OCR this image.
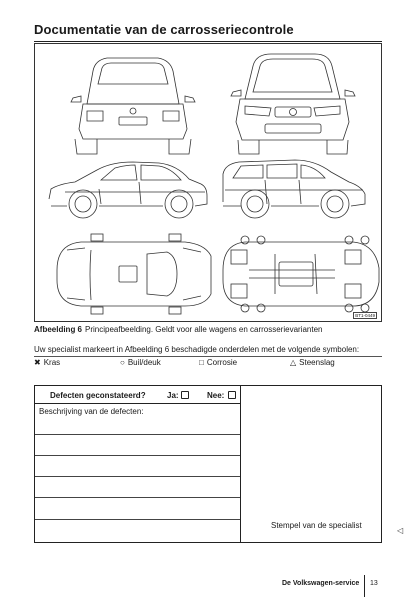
Documentatie van de carrosseriecontrole
BT1-0449
Afbeelding 6 Principeafbeelding. Geldt voor alle wagens en carrosserievarianten
Uw specialist markeert in Afbeelding 6 beschadigde onderdelen met de volgende symbolen:
✖ Kras	○ Buil/deuk	□ Corrosie	△ Steenslag
Defecten geconstateerd?	Ja:	Nee:
Beschrijving van de defecten:
Stempel van de specialist
◁
De Volkswagen-service 13
